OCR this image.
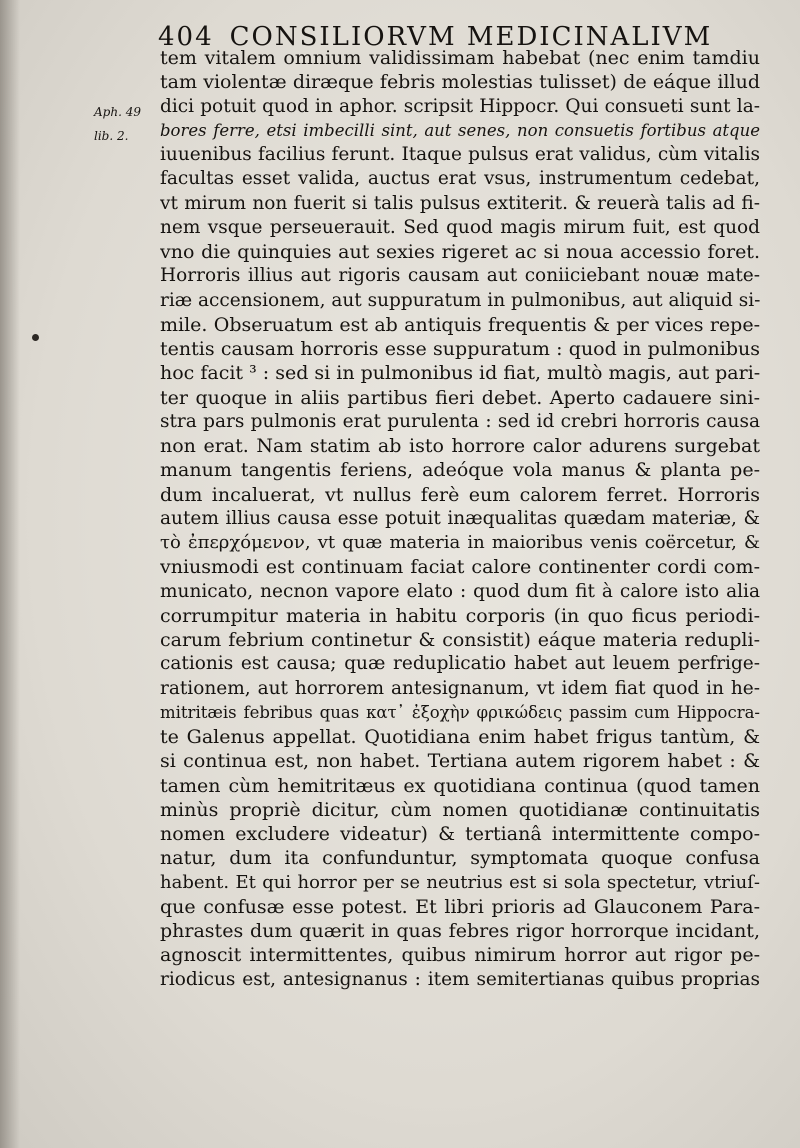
404 CONSILIORVM MEDICINALIVM
Aph. 49
lib. 2.
tem vitalem omnium validissimam habebat (nec enim tamdiu
tam violentæ diræque febris molestias tulisset) de eáque illud
dici potuit quod in aphor. scripsit Hippocr. Qui consueti sunt la-
bores ferre, etsi imbecilli sint, aut senes, non consuetis fortibus atque
iuuenibus facilius ferunt. Itaque pulsus erat validus, cùm vitalis
facultas esset valida, auctus erat vsus, instrumentum cedebat,
vt mirum non fuerit si talis pulsus extiterit. & reuerà talis ad fi-
nem vsque perseuerauit. Sed quod magis mirum fuit, est quod
vno die quinquies aut sexies rigeret ac si noua accessio foret.
Horroris illius aut rigoris causam aut coniiciebant nouæ mate-
riæ accensionem, aut suppuratum in pulmonibus, aut aliquid si-
mile. Obseruatum est ab antiquis frequentis & per vices repe-
tentis causam horroris esse suppuratum : quod in pulmonibus
hoc facit ³ : sed si in pulmonibus id fiat, multò magis, aut pari-
ter quoque in aliis partibus fieri debet. Aperto cadauere sini-
stra pars pulmonis erat purulenta : sed id crebri horroris causa
non erat. Nam statim ab isto horrore calor adurens surgebat
manum tangentis feriens, adeóque vola manus & planta pe-
dum incaluerat, vt nullus ferè eum calorem ferret. Horroris
autem illius causa esse potuit inæqualitas quædam materiæ, &
τὸ ἐπερχόμενον, vt quæ materia in maioribus venis coërcetur, &
vniusmodi est continuam faciat calore continenter cordi com-
municato, necnon vapore elato : quod dum fit à calore isto alia
corrumpitur materia in habitu corporis (in quo ficus periodi-
carum febrium continetur & consistit) eáque materia redupli-
cationis est causa; quæ reduplicatio habet aut leuem perfrige-
rationem, aut horrorem antesignanum, vt idem fiat quod in he-
mitritæis febribus quas κατ᾽ ἐξοχὴν φρικώδεις passim cum Hippocra-
te Galenus appellat. Quotidiana enim habet frigus tantùm, &
si continua est, non habet. Tertiana autem rigorem habet : &
tamen cùm hemitritæus ex quotidiana continua (quod tamen
minùs propriè dicitur, cùm nomen quotidianæ continuitatis
nomen excludere videatur) & tertianâ intermittente compo-
natur, dum ita confunduntur, symptomata quoque confusa
habent. Et qui horror per se neutrius est si sola spectetur, vtriuſ-
que confusæ esse potest. Et libri prioris ad Glauconem Para-
phrastes dum quærit in quas febres rigor horrorque incidant,
agnoscit intermittentes, quibus nimirum horror aut rigor pe-
riodicus est, antesignanus : item semitertianas quibus proprias
